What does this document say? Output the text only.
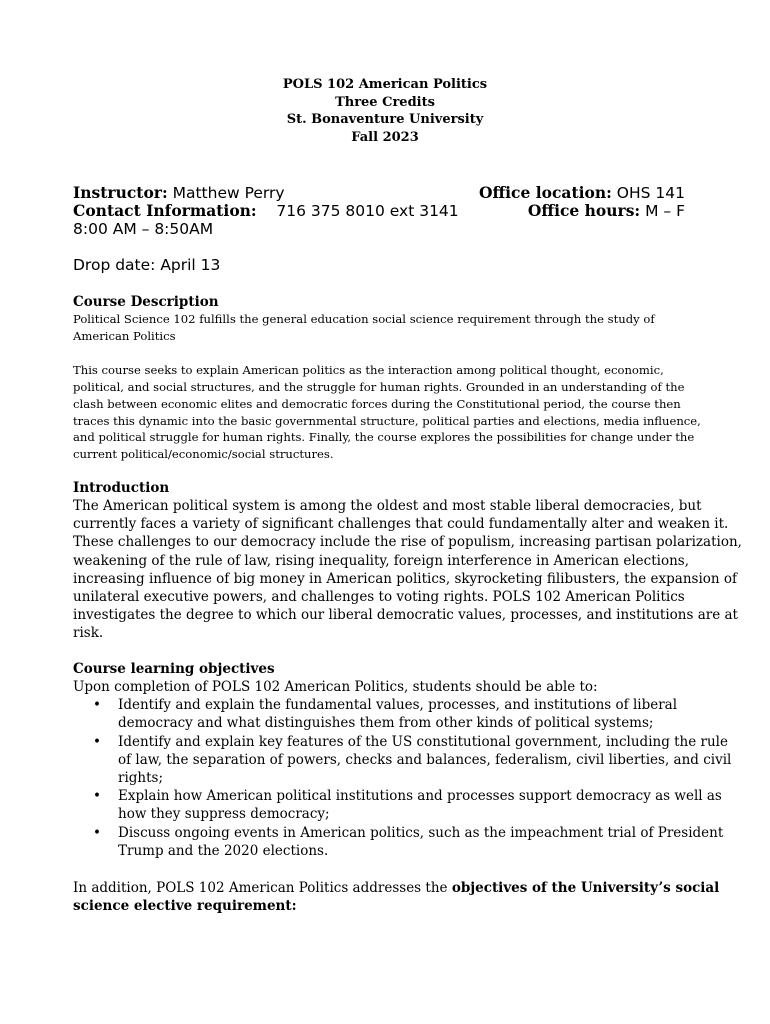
POLS 102 American Politics
Three Credits
St. Bonaventure University
Fall 2023
Instructor: Matthew Perry	Office location: OHS 141
Contact Information: 716 375 8010 ext 3141	Office hours: M – F
8:00 AM – 8:50AM
Drop date: April 13
Course Description
Political Science 102 fulfills the general education social science requirement through the study of
American Politics
This course seeks to explain American politics as the interaction among political thought, economic,
political, and social structures, and the struggle for human rights. Grounded in an understanding of the
clash between economic elites and democratic forces during the Constitutional period, the course then
traces this dynamic into the basic governmental structure, political parties and elections, media influence,
and political struggle for human rights. Finally, the course explores the possibilities for change under the
current political/economic/social structures.
Introduction
The American political system is among the oldest and most stable liberal democracies, but
currently faces a variety of significant challenges that could fundamentally alter and weaken it.
These challenges to our democracy include the rise of populism, increasing partisan polarization,
weakening of the rule of law, rising inequality, foreign interference in American elections,
increasing influence of big money in American politics, skyrocketing filibusters, the expansion of
unilateral executive powers, and challenges to voting rights. POLS 102 American Politics
investigates the degree to which our liberal democratic values, processes, and institutions are at
risk.
Course learning objectives
Upon completion of POLS 102 American Politics, students should be able to:
• Identify and explain the fundamental values, processes, and institutions of liberal
democracy and what distinguishes them from other kinds of political systems;
• Identify and explain key features of the US constitutional government, including the rule
of law, the separation of powers, checks and balances, federalism, civil liberties, and civil
rights;
• Explain how American political institutions and processes support democracy as well as
how they suppress democracy;
• Discuss ongoing events in American politics, such as the impeachment trial of President
Trump and the 2020 elections.
In addition, POLS 102 American Politics addresses the objectives of the University’s social
science elective requirement:
